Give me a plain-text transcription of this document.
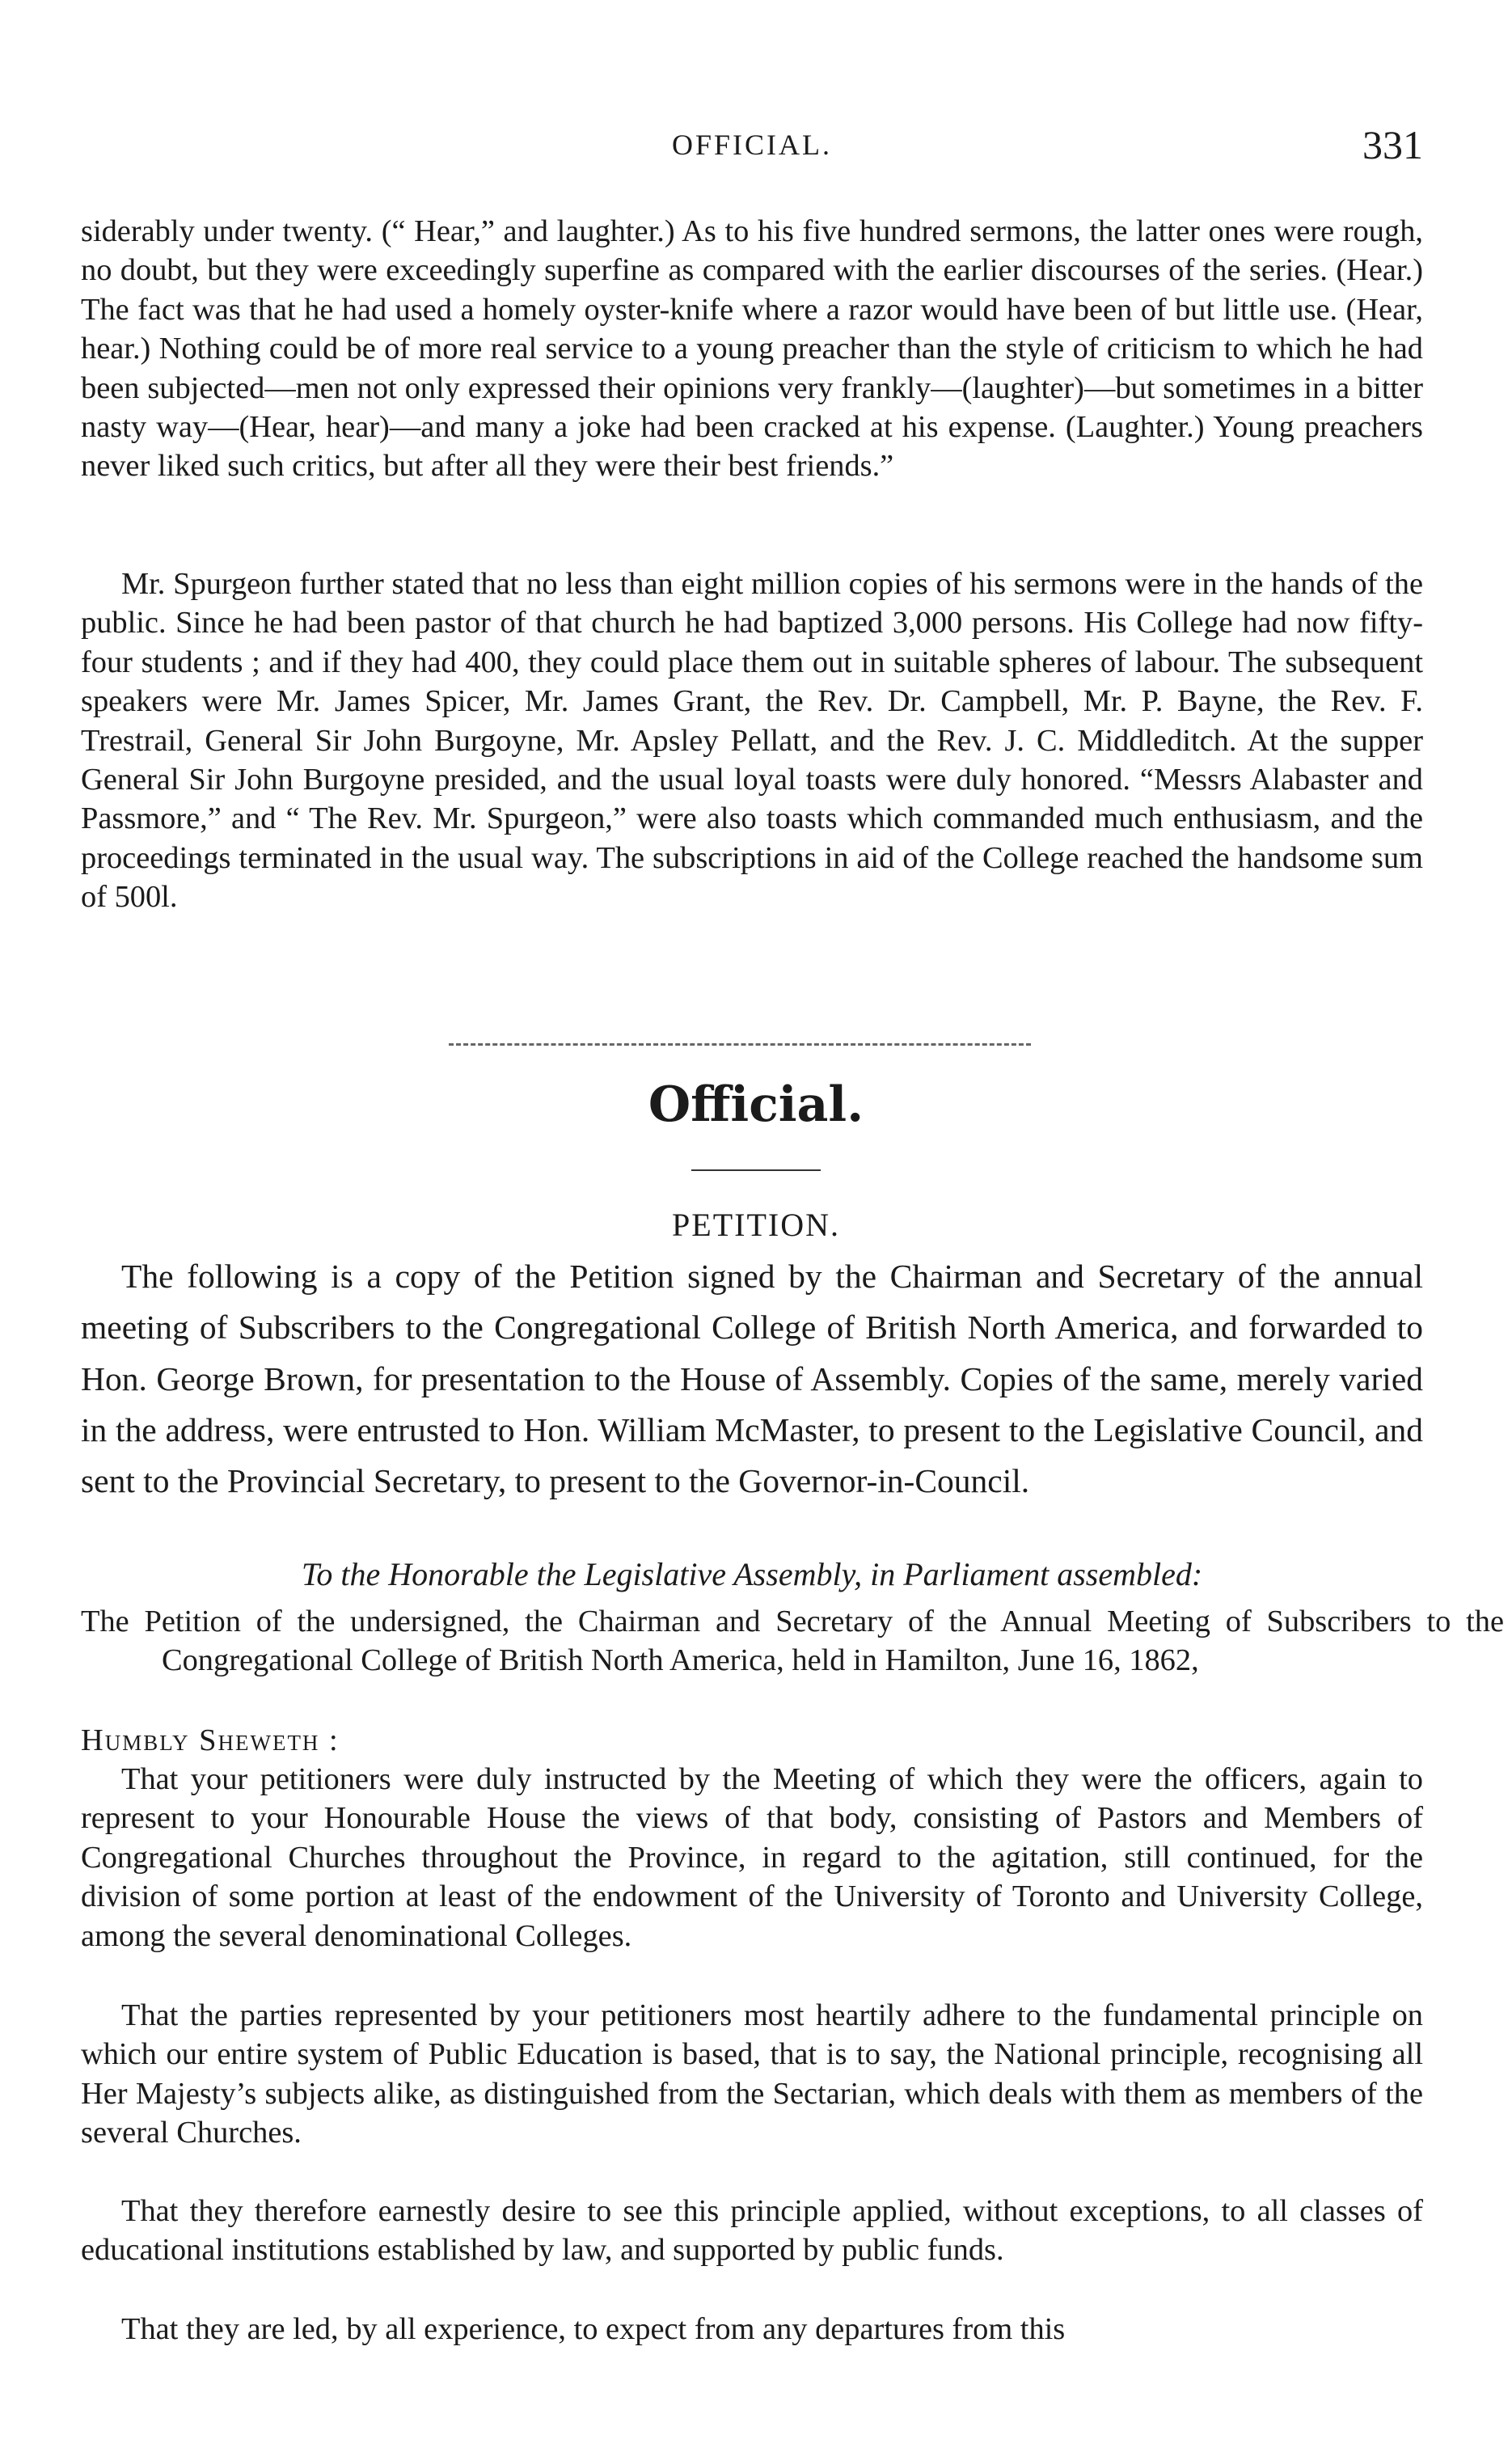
OFFICIAL.	331

siderably under twenty. (“ Hear,” and laughter.) As to his five hundred sermons, the latter ones were rough, no doubt, but they were exceedingly superfine as compared with the earlier discourses of the series. (Hear.) The fact was that he had used a homely oyster-knife where a razor would have been of but little use. (Hear, hear.) Nothing could be of more real service to a young preacher than the style of criticism to which he had been subjected—men not only expressed their opinions very frankly—(laughter)—but sometimes in a bitter nasty way—(Hear, hear)—and many a joke had been cracked at his expense. (Laughter.) Young preachers never liked such critics, but after all they were their best friends.”

Mr. Spurgeon further stated that no less than eight million copies of his sermons were in the hands of the public. Since he had been pastor of that church he had baptized 3,000 persons. His College had now fifty-four students ; and if they had 400, they could place them out in suitable spheres of labour. The subsequent speakers were Mr. James Spicer, Mr. James Grant, the Rev. Dr. Campbell, Mr. P. Bayne, the Rev. F. Trestrail, General Sir John Burgoyne, Mr. Apsley Pellatt, and the Rev. J. C. Middleditch. At the supper General Sir John Burgoyne presided, and the usual loyal toasts were duly honored. “Messrs Alabaster and Passmore,” and “ The Rev. Mr. Spurgeon,” were also toasts which commanded much enthusiasm, and the proceedings terminated in the usual way. The subscriptions in aid of the College reached the handsome sum of 500l.

Official.
PETITION.

The following is a copy of the Petition signed by the Chairman and Secretary of the annual meeting of Subscribers to the Congregational College of British North America, and forwarded to Hon. George Brown, for presentation to the House of Assembly. Copies of the same, merely varied in the address, were entrusted to Hon. William McMaster, to present to the Legislative Council, and sent to the Provincial Secretary, to present to the Governor-in-Council.

To the Honorable the Legislative Assembly, in Parliament assembled:

The Petition of the undersigned, the Chairman and Secretary of the Annual Meeting of Subscribers to the Congregational College of British North America, held in Hamilton, June 16, 1862,

Humbly Sheweth :

That your petitioners were duly instructed by the Meeting of which they were the officers, again to represent to your Honourable House the views of that body, consisting of Pastors and Members of Congregational Churches throughout the Province, in regard to the agitation, still continued, for the division of some portion at least of the endowment of the University of Toronto and University College, among the several denominational Colleges.

That the parties represented by your petitioners most heartily adhere to the fundamental principle on which our entire system of Public Education is based, that is to say, the National principle, recognising all Her Majesty’s subjects alike, as distinguished from the Sectarian, which deals with them as members of the several Churches.

That they therefore earnestly desire to see this principle applied, without exceptions, to all classes of educational institutions established by law, and supported by public funds.

That they are led, by all experience, to expect from any departures from this
